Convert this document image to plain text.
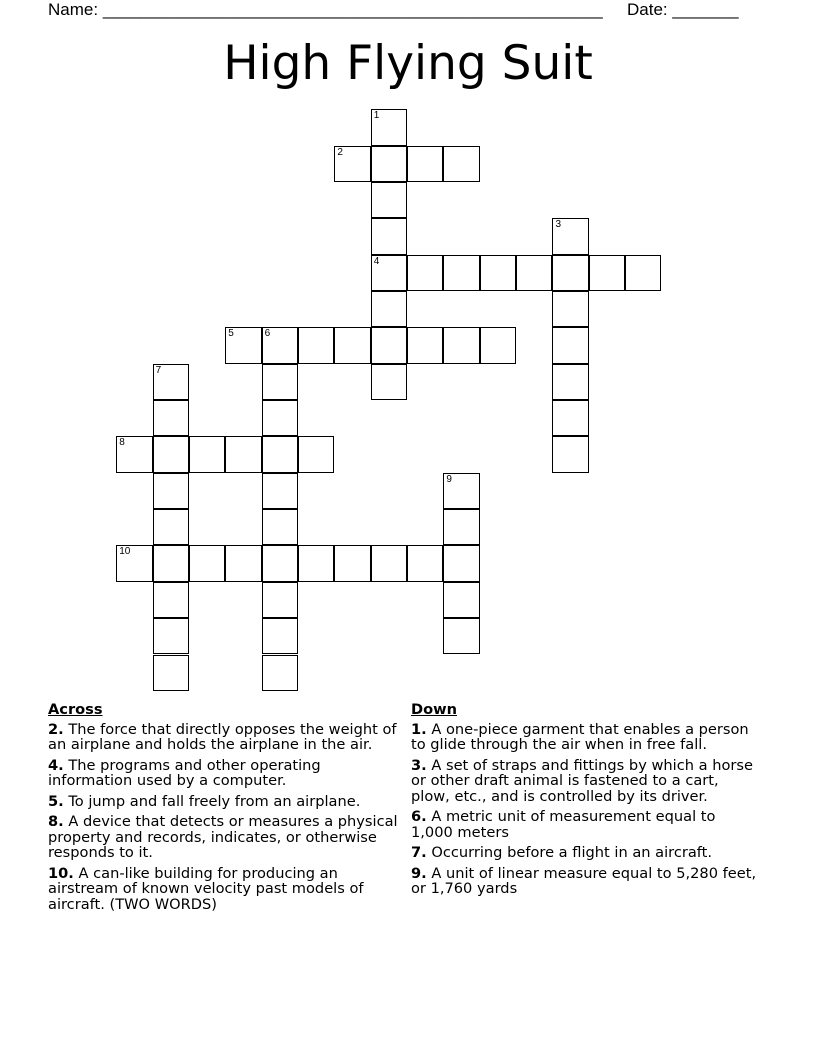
Name: ______________________________________________________ Date: _______
High Flying Suit
1
4
2
3
5	6
7
8
9
10
Across
2. The force that directly opposes the weight of an airplane and holds the airplane in the air.
4. The programs and other operating information used by a computer.
5. To jump and fall freely from an airplane.
8. A device that detects or measures a physical property and records, indicates, or otherwise responds to it.
10. A can-like building for producing an airstream of known velocity past models of aircraft. (TWO WORDS)
Down
1. A one-piece garment that enables a person to glide through the air when in free fall.
3. A set of straps and fittings by which a horse or other draft animal is fastened to a cart, plow, etc., and is controlled by its driver.
6. A metric unit of measurement equal to 1,000 meters
7. Occurring before a flight in an aircraft.
9. A unit of linear measure equal to 5,280 feet, or 1,760 yards
